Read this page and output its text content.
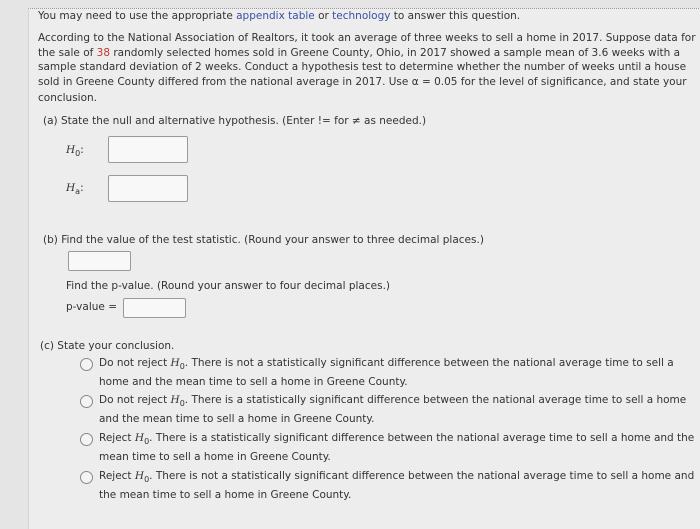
You may need to use the appropriate appendix table or technology to answer this question.
According to the National Association of Realtors, it took an average of three weeks to sell a home in 2017. Suppose data for
the sale of 38 randomly selected homes sold in Greene County, Ohio, in 2017 showed a sample mean of 3.6 weeks with a
sample standard deviation of 2 weeks. Conduct a hypothesis test to determine whether the number of weeks until a house
sold in Greene County differed from the national average in 2017. Use α = 0.05 for the level of significance, and state your
conclusion.
(a) State the null and alternative hypothesis. (Enter != for ≠ as needed.)
$H_0$:
$H_a$:
(b) Find the value of the test statistic. (Round your answer to three decimal places.)
Find the p-value. (Round your answer to four decimal places.)
p-value =
(c) State your conclusion.
Do not reject $H_0$. There is not a statistically significant difference between the national average time to sell a
home and the mean time to sell a home in Greene County.
Do not reject $H_0$. There is a statistically significant difference between the national average time to sell a home
and the mean time to sell a home in Greene County.
Reject $H_0$. There is a statistically significant difference between the national average time to sell a home and the
mean time to sell a home in Greene County.
Reject $H_0$. There is not a statistically significant difference between the national average time to sell a home and
the mean time to sell a home in Greene County.
